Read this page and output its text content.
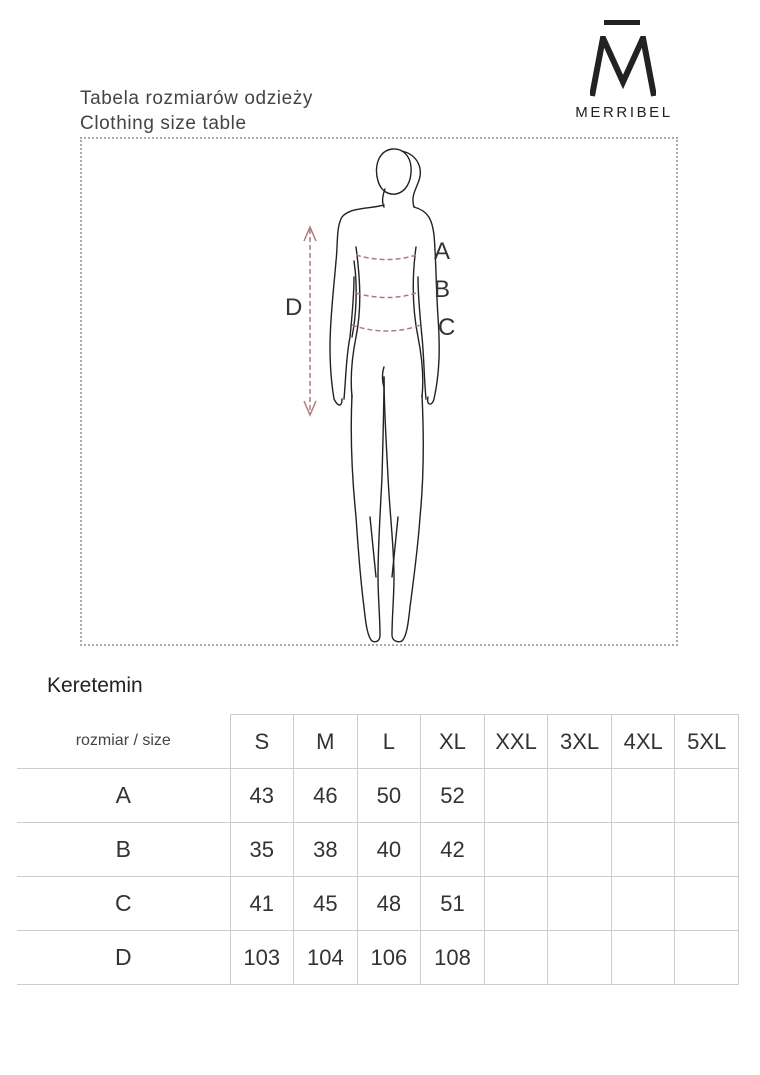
Tabela rozmiarów odzieży
Clothing size table
MERRIBEL
A
B
C
D
Keretemin
rozmiar / size	S	M	L	XL	XXL	3XL	4XL	5XL
A	43	46	50	52				
B	35	38	40	42				
C	41	45	48	51				
D	103	104	106	108				
